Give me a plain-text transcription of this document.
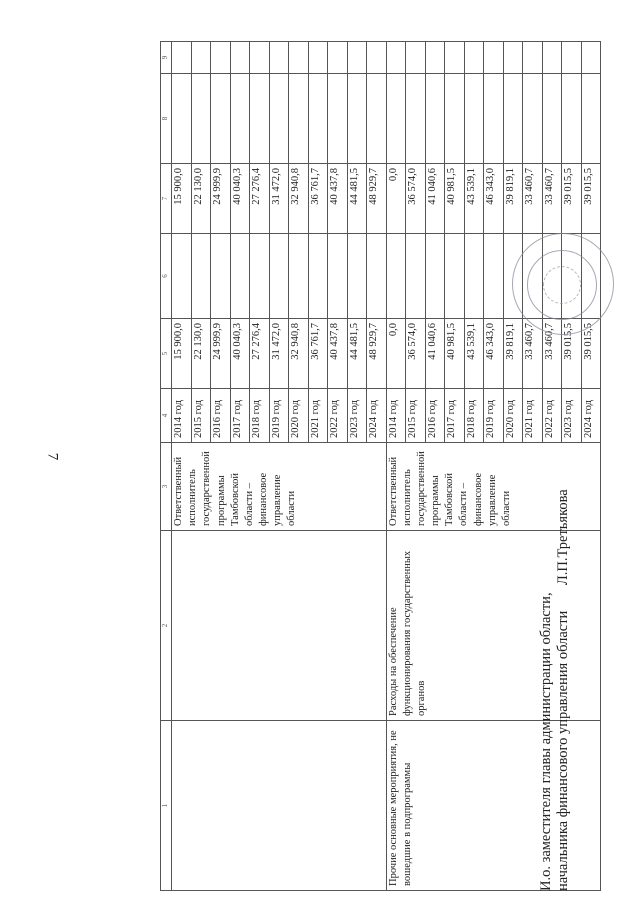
7
1	2	3	4	5	6	7	8	9
		Ответственный исполнитель государственной программы Тамбовской области – финансовое управление области	2014 год	15 900,0		15 900,0		
			2015 год	22 130,0		22 130,0		
			2016 год	24 999,9		24 999,9		
			2017 год	40 040,3		40 040,3		
			2018 год	27 276,4		27 276,4		
			2019 год	31 472,0		31 472,0		
			2020 год	32 940,8		32 940,8		
			2021 год	36 761,7		36 761,7		
			2022 год	40 437,8		40 437,8		
			2023 год	44 481,5		44 481,5		
			2024 год	48 929,7		48 929,7		
Прочие основные мероприятия, не вошедшие в подпрограммы	Расходы на обеспечение функционирования государственных органов	Ответственный исполнитель государственной программы Тамбовской области – финансовое управление области	2014 год	0,0		0,0		
			2015 год	36 574,0		36 574,0		
			2016 год	41 040,6		41 040,6		
			2017 год	40 981,5		40 981,5		
			2018 год	43 539,1		43 539,1		
			2019 год	46 343,0		46 343,0		
			2020 год	39 819,1		39 819,1		
			2021 год	33 460,7		33 460,7		
			2022 год	33 460,7		33 460,7		
			2023 год	39 015,5		39 015,5		
			2024 год	39 015,5		39 015,5		
И.о. заместителя главы администрации области, начальника финансового управления области Л.П.Третьякова
